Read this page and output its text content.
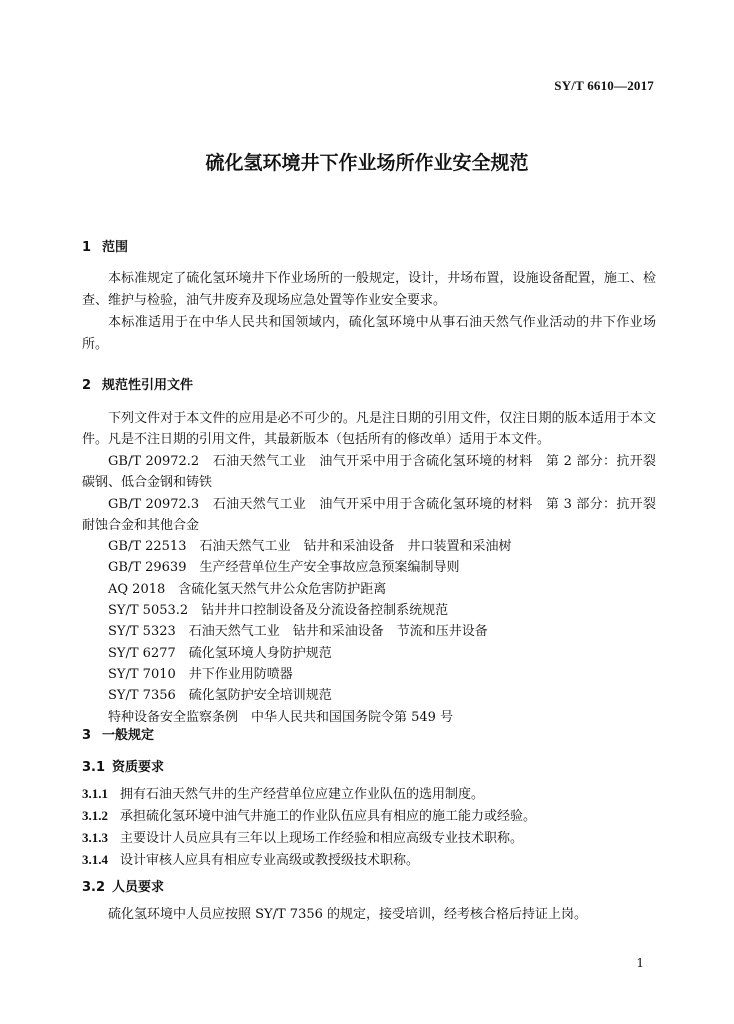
SY/T 6610—2017
硫化氢环境井下作业场所作业安全规范
1 范围
本标准规定了硫化氢环境井下作业场所的一般规定，设计，井场布置，设施设备配置，施工、检查、维护与检验，油气井废弃及现场应急处置等作业安全要求。
本标准适用于在中华人民共和国领域内，硫化氢环境中从事石油天然气作业活动的井下作业场所。
2 规范性引用文件
下列文件对于本文件的应用是必不可少的。凡是注日期的引用文件，仅注日期的版本适用于本文件。凡是不注日期的引用文件，其最新版本（包括所有的修改单）适用于本文件。
GB/T 20972.2　石油天然气工业　油气开采中用于含硫化氢环境的材料　第 2 部分：抗开裂碳钢、低合金钢和铸铁
GB/T 20972.3　石油天然气工业　油气开采中用于含硫化氢环境的材料　第 3 部分：抗开裂耐蚀合金和其他合金
GB/T 22513　石油天然气工业　钻井和采油设备　井口装置和采油树
GB/T 29639　生产经营单位生产安全事故应急预案编制导则
AQ 2018　含硫化氢天然气井公众危害防护距离
SY/T 5053.2　钻井井口控制设备及分流设备控制系统规范
SY/T 5323　石油天然气工业　钻井和采油设备　节流和压井设备
SY/T 6277　硫化氢环境人身防护规范
SY/T 7010　井下作业用防喷器
SY/T 7356　硫化氢防护安全培训规范
特种设备安全监察条例　中华人民共和国国务院令第 549 号
3 一般规定
3.1 资质要求
3.1.1 拥有石油天然气井的生产经营单位应建立作业队伍的选用制度。
3.1.2 承担硫化氢环境中油气井施工的作业队伍应具有相应的施工能力或经验。
3.1.3 主要设计人员应具有三年以上现场工作经验和相应高级专业技术职称。
3.1.4 设计审核人应具有相应专业高级或教授级技术职称。
3.2 人员要求
硫化氢环境中人员应按照 SY/T 7356 的规定，接受培训，经考核合格后持证上岗。
1
